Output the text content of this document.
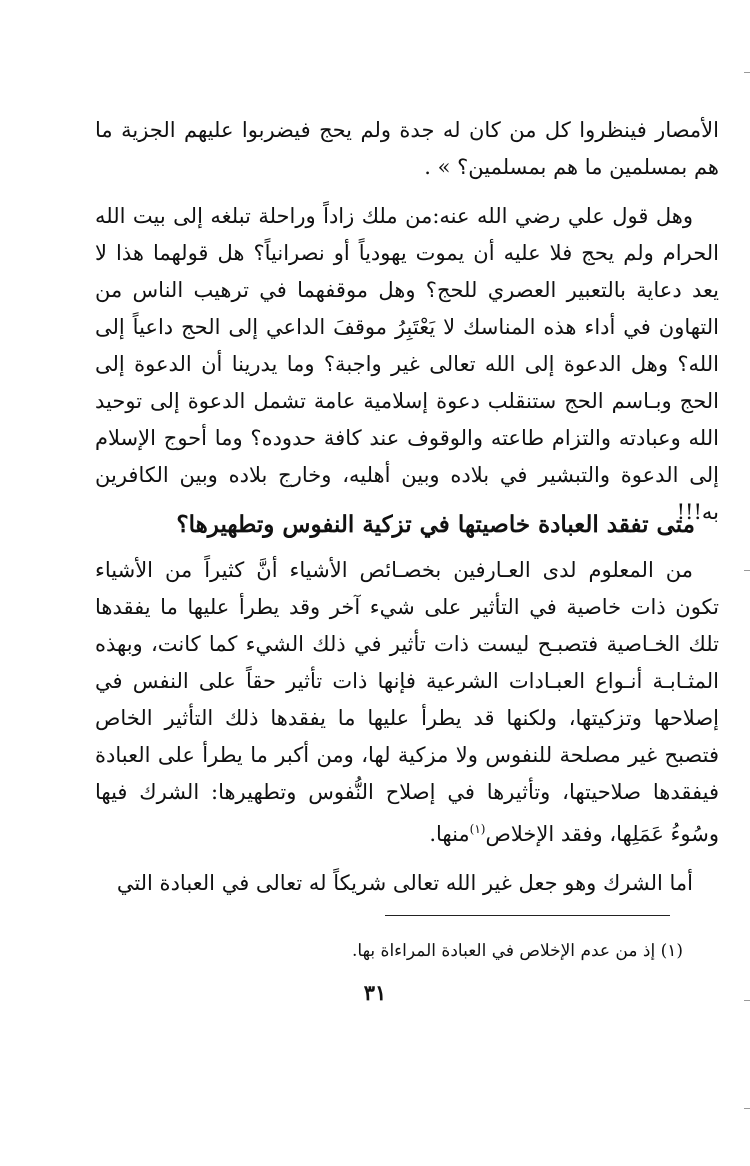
الأمصار فينظروا كل من كان له جدة ولم يحج فيضربوا عليهم الجزية ما هم بمسلمين ما هم بمسلمين؟ » .

وهل قول علي رضي الله عنه:من ملك زاداً وراحلة تبلغه إلى بيت الله الحرام ولم يحج فلا عليه أن يموت يهودياً أو نصرانياً؟ هل قولهما هذا لا يعد دعاية بالتعبير العصري للحج؟ وهل موقفهما في ترهيب الناس من التهاون في أداء هذه المناسك لا يَعْتَبِرُ موقفَ الداعي إلى الحج داعياً إلى الله؟ وهل الدعوة إلى الله تعالى غير واجبة؟ وما يدرينا أن الدعوة إلى الحج وبـاسم الحج ستنقلب دعوة إسلامية عامة تشمل الدعوة إلى توحيد الله وعبادته والتزام طاعته والوقوف عند كافة حدوده؟ وما أحوج الإسلام إلى الدعوة والتبشير في بلاده وبين أهليه، وخارج بلاده وبين الكافرين به!!!

متى تفقد العبادة خاصيتها في تزكية النفوس وتطهيرها؟

من المعلوم لدى العـارفين بخصـائص الأشياء أنَّ كثيراً من الأشياء تكون ذات خاصية في التأثير على شيء آخر وقد يطرأ عليها ما يفقدها تلك الخـاصية فتصبـح ليست ذات تأثير في ذلك الشيء كما كانت، وبهذه المثـابـة أنـواع العبـادات الشرعية فإنها ذات تأثير حقاً على النفس في إصلاحها وتزكيتها، ولكنها قد يطرأ عليها ما يفقدها ذلك التأثير الخاص فتصبح غير مصلحة للنفوس ولا مزكية لها، ومن أكبر ما يطرأ على العبادة فيفقدها صلاحيتها، وتأثيرها في إصلاح النُّفوس وتطهيرها: الشرك فيها وسُوءُ عَمَلِها، وفقد الإخلاص$^{(١)}$منها.

أما الشرك وهو جعل غير الله تعالى شريكاً له تعالى في العبادة التي

(١) إذ من عدم الإخلاص في العبادة المراءاة بها.
٣١
